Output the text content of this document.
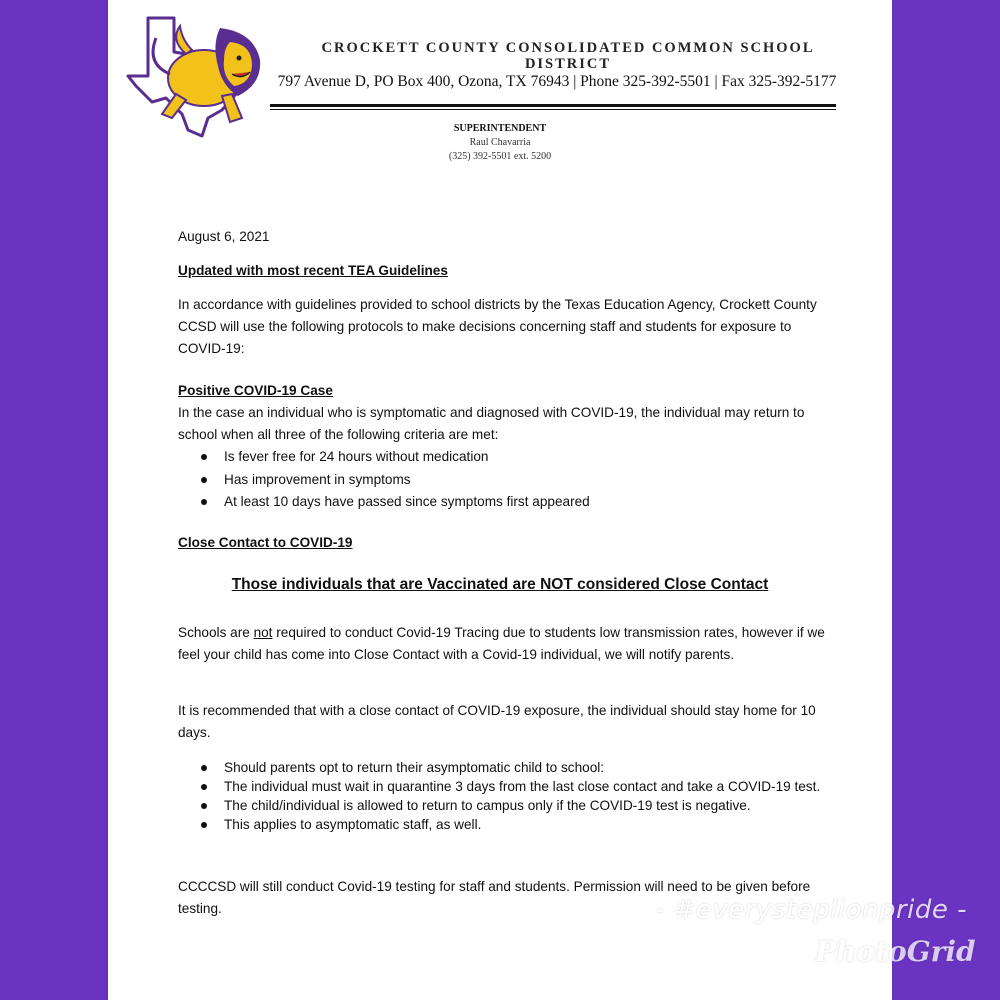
CROCKETT COUNTY CONSOLIDATED COMMON SCHOOL DISTRICT
797 Avenue D, PO Box 400, Ozona, TX 76943 | Phone 325-392-5501 | Fax 325-392-5177
SUPERINTENDENT
Raul Chavarria
(325) 392-5501 ext. 5200
August 6, 2021
Updated with most recent TEA Guidelines
In accordance with guidelines provided to school districts by the Texas Education Agency, Crockett County CCSD will use the following protocols to make decisions concerning staff and students for exposure to COVID-19:
Positive COVID-19 Case
In the case an individual who is symptomatic and diagnosed with COVID-19, the individual may return to school when all three of the following criteria are met:
Is fever free for 24 hours without medication
Has improvement in symptoms
At least 10 days have passed since symptoms first appeared
Close Contact to COVID-19
Those individuals that are Vaccinated are NOT considered Close Contact
Schools are not required to conduct Covid-19 Tracing due to students low transmission rates, however if we feel your child has come into Close Contact with a Covid-19 individual, we will notify parents.
It is recommended that with a close contact of COVID-19 exposure, the individual should stay home for 10 days.
Should parents opt to return their asymptomatic child to school:
The individual must wait in quarantine 3 days from the last close contact and take a COVID-19 test.
The child/individual is allowed to return to campus only if the COVID-19 test is negative.
This applies to asymptomatic staff, as well.
CCCCSD will still conduct Covid-19 testing for staff and students. Permission will need to be given before testing.	- #everysteplionpride -
PhotoGrid
